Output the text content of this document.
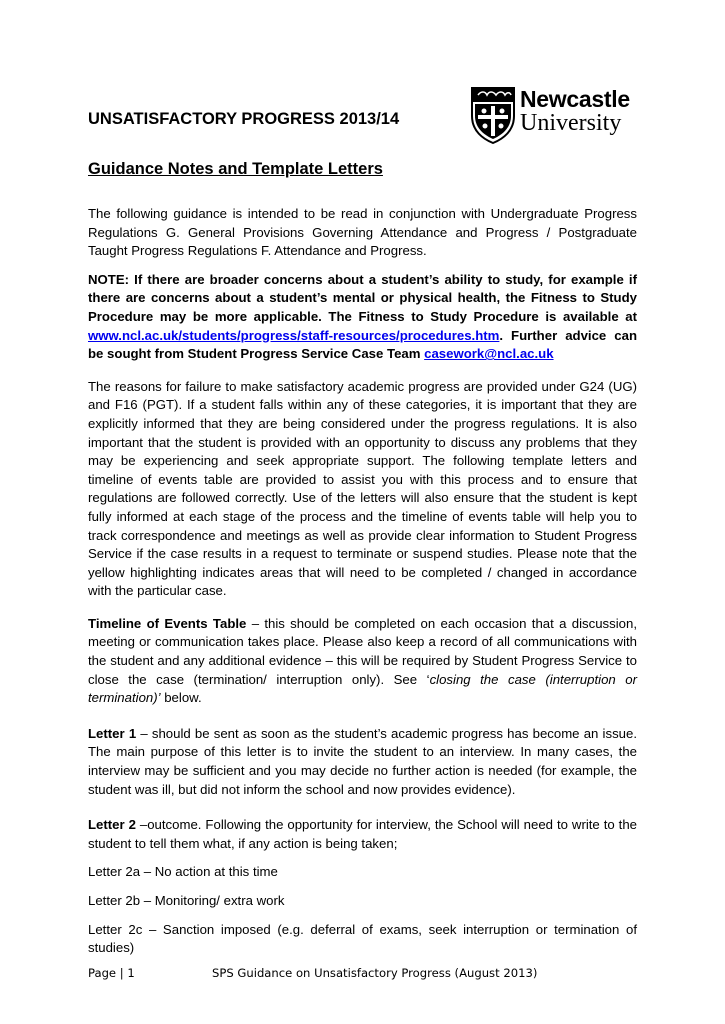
UNSATISFACTORY PROGRESS 2013/14
Newcastle
University
Guidance Notes and Template Letters

The following guidance is intended to be read in conjunction with Undergraduate Progress Regulations G. General Provisions Governing Attendance and Progress / Postgraduate Taught Progress Regulations F. Attendance and Progress.

NOTE: If there are broader concerns about a student’s ability to study, for example if there are concerns about a student’s mental or physical health, the Fitness to Study Procedure may be more applicable. The Fitness to Study Procedure is available at www.ncl.ac.uk/students/progress/staff-resources/procedures.htm. Further advice can be sought from Student Progress Service Case Team casework@ncl.ac.uk

The reasons for failure to make satisfactory academic progress are provided under G24 (UG) and F16 (PGT). If a student falls within any of these categories, it is important that they are explicitly informed that they are being considered under the progress regulations. It is also important that the student is provided with an opportunity to discuss any problems that they may be experiencing and seek appropriate support. The following template letters and timeline of events table are provided to assist you with this process and to ensure that regulations are followed correctly. Use of the letters will also ensure that the student is kept fully informed at each stage of the process and the timeline of events table will help you to track correspondence and meetings as well as provide clear information to Student Progress Service if the case results in a request to terminate or suspend studies. Please note that the yellow highlighting indicates areas that will need to be completed / changed in accordance with the particular case.

Timeline of Events Table – this should be completed on each occasion that a discussion, meeting or communication takes place. Please also keep a record of all communications with the student and any additional evidence – this will be required by Student Progress Service to close the case (termination/ interruption only). See ‘closing the case (interruption or termination)’ below.

Letter 1 – should be sent as soon as the student’s academic progress has become an issue. The main purpose of this letter is to invite the student to an interview. In many cases, the interview may be sufficient and you may decide no further action is needed (for example, the student was ill, but did not inform the school and now provides evidence).

Letter 2 –outcome. Following the opportunity for interview, the School will need to write to the student to tell them what, if any action is being taken;

Letter 2a – No action at this time

Letter 2b – Monitoring/ extra work

Letter 2c – Sanction imposed (e.g. deferral of exams, seek interruption or termination of studies)

Page | 1	SPS Guidance on Unsatisfactory Progress (August 2013)
